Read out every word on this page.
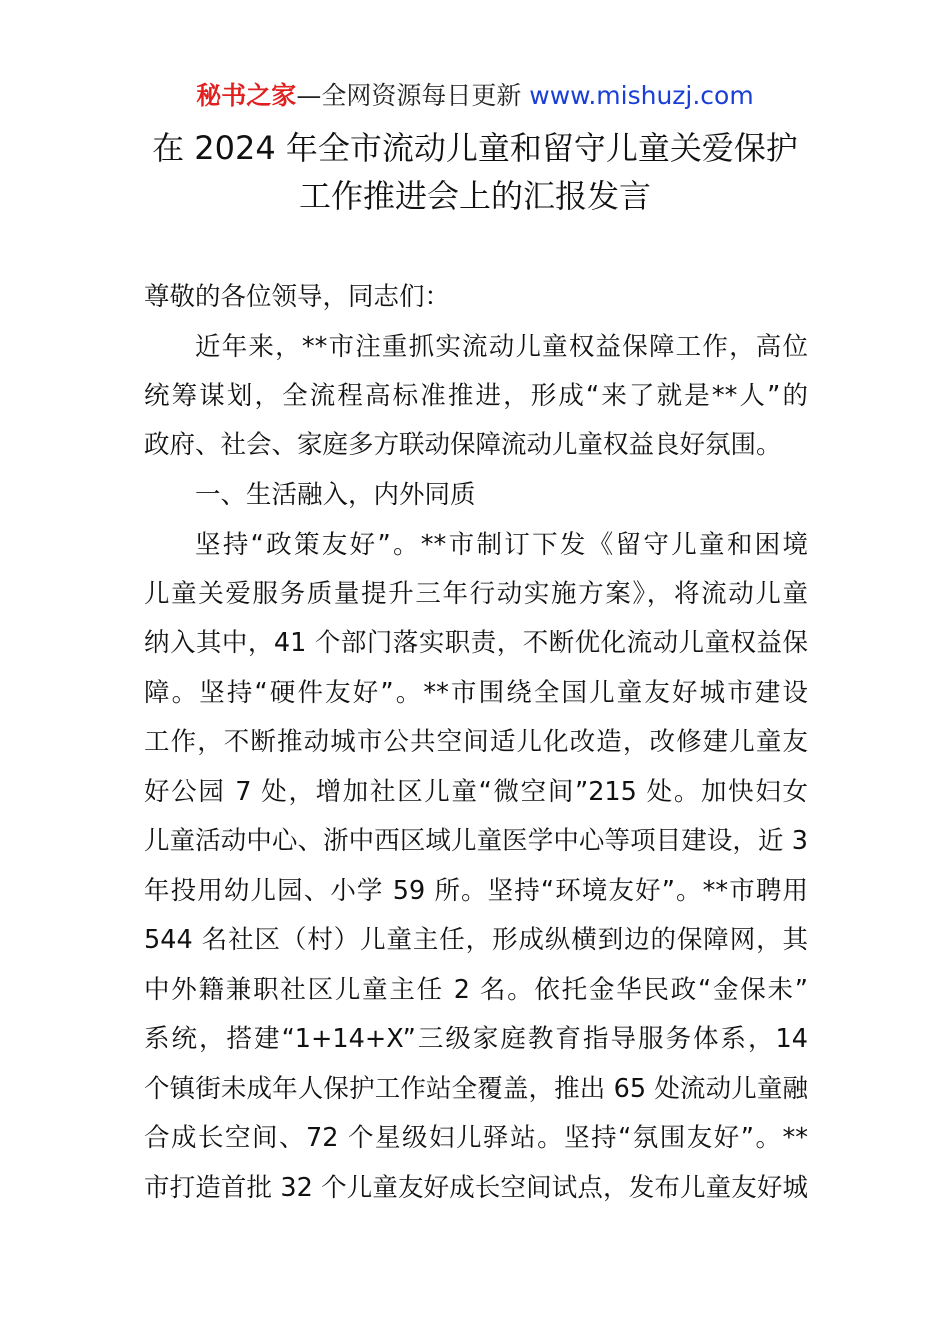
秘书之家—全网资源每日更新 www.mishuzj.com
在 2024 年全市流动儿童和留守儿童关爱保护
工作推进会上的汇报发言
尊敬的各位领导，同志们：
近年来，**市注重抓实流动儿童权益保障工作，高位
统筹谋划，全流程高标准推进，形成“来了就是**人”的
政府、社会、家庭多方联动保障流动儿童权益良好氛围。
一、生活融入，内外同质
坚持“政策友好”。**市制订下发《留守儿童和困境
儿童关爱服务质量提升三年行动实施方案》，将流动儿童
纳入其中，41 个部门落实职责，不断优化流动儿童权益保
障。坚持“硬件友好”。**市围绕全国儿童友好城市建设
工作，不断推动城市公共空间适儿化改造，改修建儿童友
好公园 7 处，增加社区儿童“微空间”215 处。加快妇女
儿童活动中心、浙中西区域儿童医学中心等项目建设，近 3
年投用幼儿园、小学 59 所。坚持“环境友好”。**市聘用
544 名社区（村）儿童主任，形成纵横到边的保障网，其
中外籍兼职社区儿童主任 2 名。依托金华民政“金保未”
系统，搭建“1+14+X”三级家庭教育指导服务体系，14
个镇街未成年人保护工作站全覆盖，推出 65 处流动儿童融
合成长空间、72 个星级妇儿驿站。坚持“氛围友好”。**
市打造首批 32 个儿童友好成长空间试点，发布儿童友好城
